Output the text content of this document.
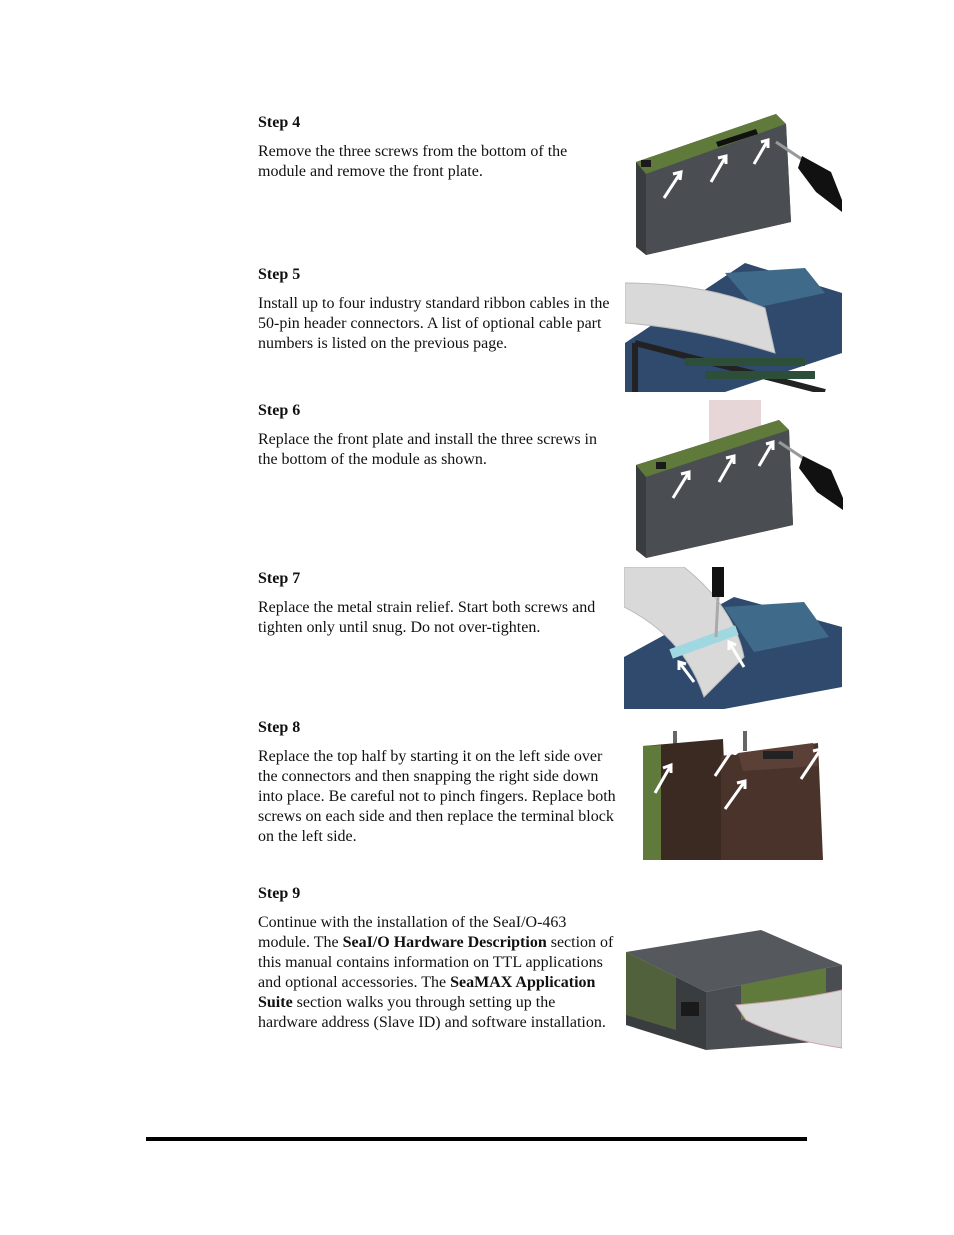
Step 4

Remove the three screws from the bottom of the module and remove the front plate.

Step 5

Install up to four industry standard ribbon cables in the 50-pin header connectors. A list of optional cable part numbers is listed on the previous page.

Step 6

Replace the front plate and install the three screws in the bottom of the module as shown.

Step 7

Replace the metal strain relief. Start both screws and tighten only until snug. Do not over-tighten.

Step 8

Replace the top half by starting it on the left side over the connectors and then snapping the right side down into place. Be careful not to pinch fingers. Replace both screws on each side and then replace the terminal block on the left side.

Step 9

Continue with the installation of the SeaI/O-463 module. The SeaI/O Hardware Description section of this manual contains information on TTL applications and optional accessories. The SeaMAX Application Suite section walks you through setting up the hardware address (Slave ID) and software installation.
